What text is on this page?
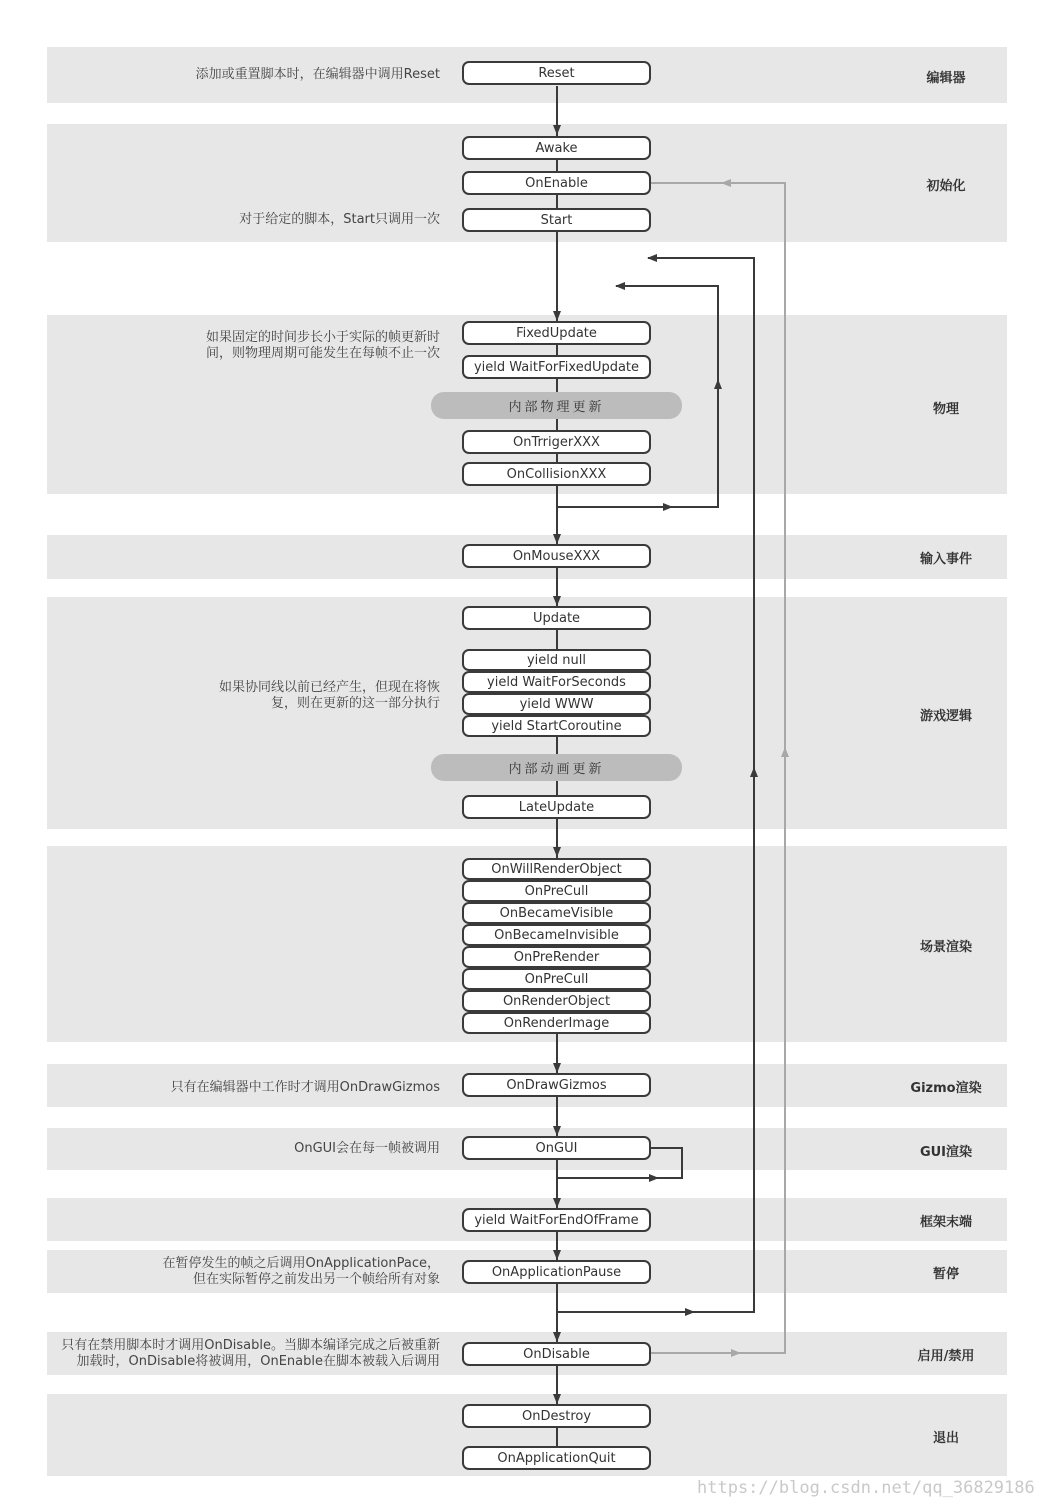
编辑器
初始化
物理
输入事件
游戏逻辑
场景渲染
Gizmo渲染
GUI渲染
框架末端
暂停
启用/禁用
退出
Reset
Awake
OnEnable
Start
FixedUpdate
yield WaitForFixedUpdate
内部物理更新
OnTrrigerXXX
OnCollisionXXX
OnMouseXXX
Update
yield null
yield WaitForSeconds
yield WWW
yield StartCoroutine
内部动画更新
LateUpdate
OnWillRenderObject
OnPreCull
OnBecameVisible
OnBecameInvisible
OnPreRender
OnPreCull
OnRenderObject
OnRenderImage
OnDrawGizmos
OnGUI
yield WaitForEndOfFrame
OnApplicationPause
OnDisable
OnDestroy
OnApplicationQuit
添加或重置脚本时，在编辑器中调用Reset
对于给定的脚本，Start只调用一次
如果固定的时间步长小于实际的帧更新时
间，则物理周期可能发生在每帧不止一次
如果协同线以前已经产生，但现在将恢
复，则在更新的这一部分执行
只有在编辑器中工作时才调用OnDrawGizmos
OnGUI会在每一帧被调用
在暂停发生的帧之后调用OnApplicationPace，
但在实际暂停之前发出另一个帧给所有对象
只有在禁用脚本时才调用OnDisable。当脚本编译完成之后被重新
加载时，OnDisable将被调用，OnEnable在脚本被载入后调用
https://blog.csdn.net/qq_36829186
